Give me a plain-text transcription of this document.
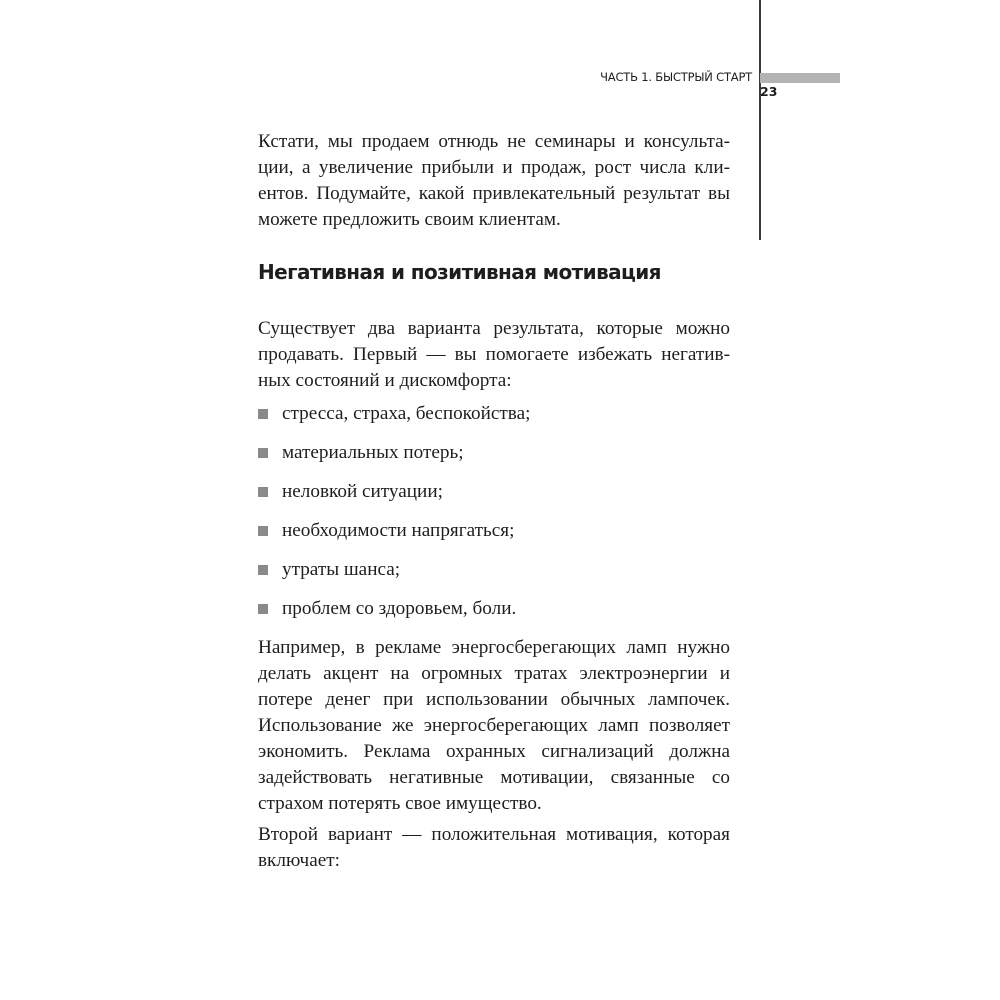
ЧАСТЬ 1. БЫСТРЫЙ СТАРТ
23

Кстати, мы продаем отнюдь не семинары и консультации, а увеличение прибыли и продаж, рост числа клиентов. Подумайте, какой привлекательный результат вы можете предложить своим клиентам.

Негативная и позитивная мотивация

Существует два варианта результата, которые можно продавать. Первый — вы помогаете избежать негативных состояний и дискомфорта:

стресса, страха, беспокойства;
материальных потерь;
неловкой ситуации;
необходимости напрягаться;
утраты шанса;
проблем со здоровьем, боли.

Например, в рекламе энергосберегающих ламп нужно делать акцент на огромных тратах электроэнергии и потере денег при использовании обычных лампочек. Использование же энергосберегающих ламп позволяет экономить. Реклама охранных сигнализаций должна задействовать негативные мотивации, связанные со страхом потерять свое имущество.

Второй вариант — положительная мотивация, которая включает:
